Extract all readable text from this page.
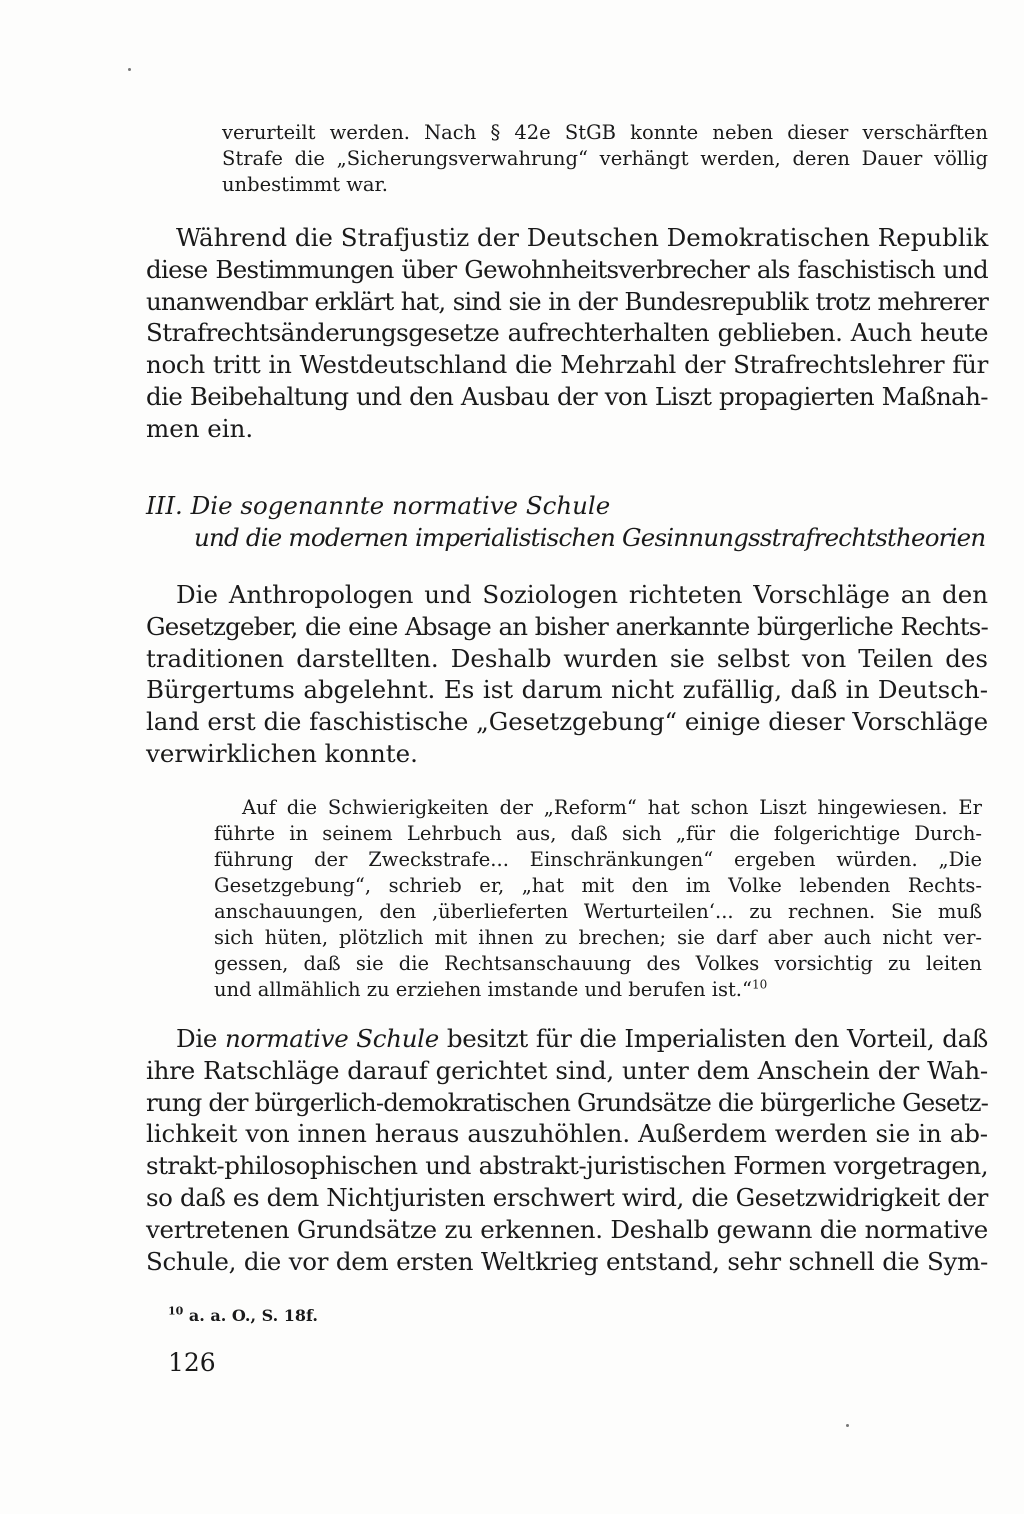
verurteilt werden. Nach § 42e StGB konnte neben dieser verschärften
Strafe die „Sicherungsverwahrung“ verhängt werden, deren Dauer völlig
unbestimmt war.
Während die Strafjustiz der Deutschen Demokratischen Republik
diese Bestimmungen über Gewohnheitsverbrecher als faschistisch und
unanwendbar erklärt hat, sind sie in der Bundesrepublik trotz mehrerer
Strafrechtsänderungsgesetze aufrechterhalten geblieben. Auch heute
noch tritt in Westdeutschland die Mehrzahl der Strafrechtslehrer für
die Beibehaltung und den Ausbau der von Liszt propagierten Maßnah-
men ein.
III. Die sogenannte normative Schule
und die modernen imperialistischen Gesinnungsstrafrechtstheorien
Die Anthropologen und Soziologen richteten Vorschläge an den
Gesetzgeber, die eine Absage an bisher anerkannte bürgerliche Rechts-
traditionen darstellten. Deshalb wurden sie selbst von Teilen des
Bürgertums abgelehnt. Es ist darum nicht zufällig, daß in Deutsch-
land erst die faschistische „Gesetzgebung“ einige dieser Vorschläge
verwirklichen konnte.
Auf die Schwierigkeiten der „Reform“ hat schon Liszt hingewiesen. Er
führte in seinem Lehrbuch aus, daß sich „für die folgerichtige Durch-
führung der Zweckstrafe... Einschränkungen“ ergeben würden. „Die
Gesetzgebung“, schrieb er, „hat mit den im Volke lebenden Rechts-
anschauungen, den ‚überlieferten Werturteilen‘... zu rechnen. Sie muß
sich hüten, plötzlich mit ihnen zu brechen; sie darf aber auch nicht ver-
gessen, daß sie die Rechtsanschauung des Volkes vorsichtig zu leiten
und allmählich zu erziehen imstande und berufen ist.“$^{10}$
Die normative Schule besitzt für die Imperialisten den Vorteil, daß
ihre Ratschläge darauf gerichtet sind, unter dem Anschein der Wah-
rung der bürgerlich-demokratischen Grundsätze die bürgerliche Gesetz-
lichkeit von innen heraus auszuhöhlen. Außerdem werden sie in ab-
strakt-philosophischen und abstrakt-juristischen Formen vorgetragen,
so daß es dem Nichtjuristen erschwert wird, die Gesetzwidrigkeit der
vertretenen Grundsätze zu erkennen. Deshalb gewann die normative
Schule, die vor dem ersten Weltkrieg entstand, sehr schnell die Sym-
$^{10}$ a. a. O., S. 18f.
126
